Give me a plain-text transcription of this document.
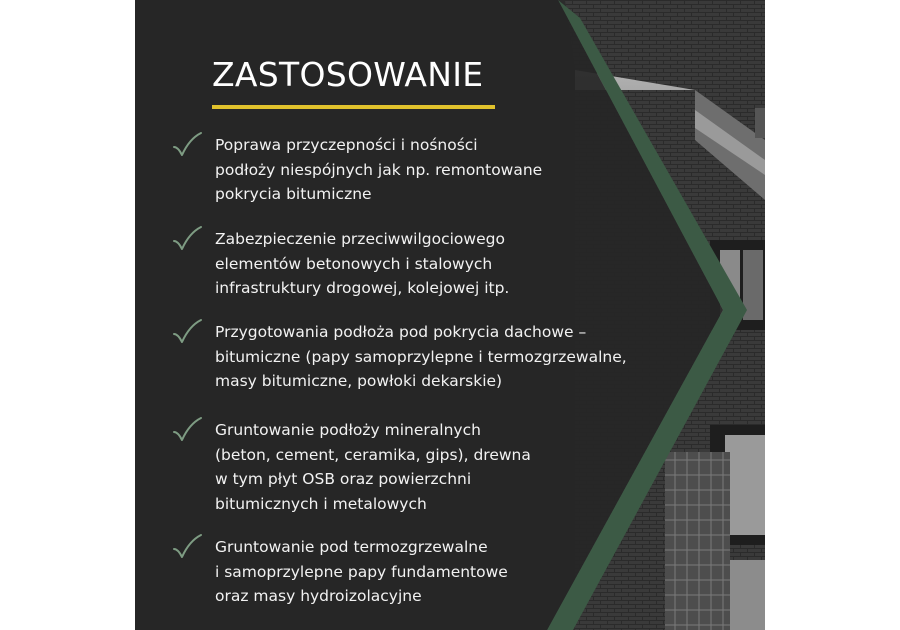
ZASTOSOWANIE

Poprawa przyczepności i nośności
podłoży niespójnych jak np. remontowane
pokrycia bitumiczne

Zabezpieczenie przeciwwilgociowego
elementów betonowych i stalowych
infrastruktury drogowej, kolejowej itp.

Przygotowania podłoża pod pokrycia dachowe –
bitumiczne (papy samoprzylepne i termozgrzewalne,
masy bitumiczne, powłoki dekarskie)

Gruntowanie podłoży mineralnych
(beton, cement, ceramika, gips), drewna
w tym płyt OSB oraz powierzchni
bitumicznych i metalowych

Gruntowanie pod termozgrzewalne
i samoprzylepne papy fundamentowe
oraz masy hydroizolacyjne
